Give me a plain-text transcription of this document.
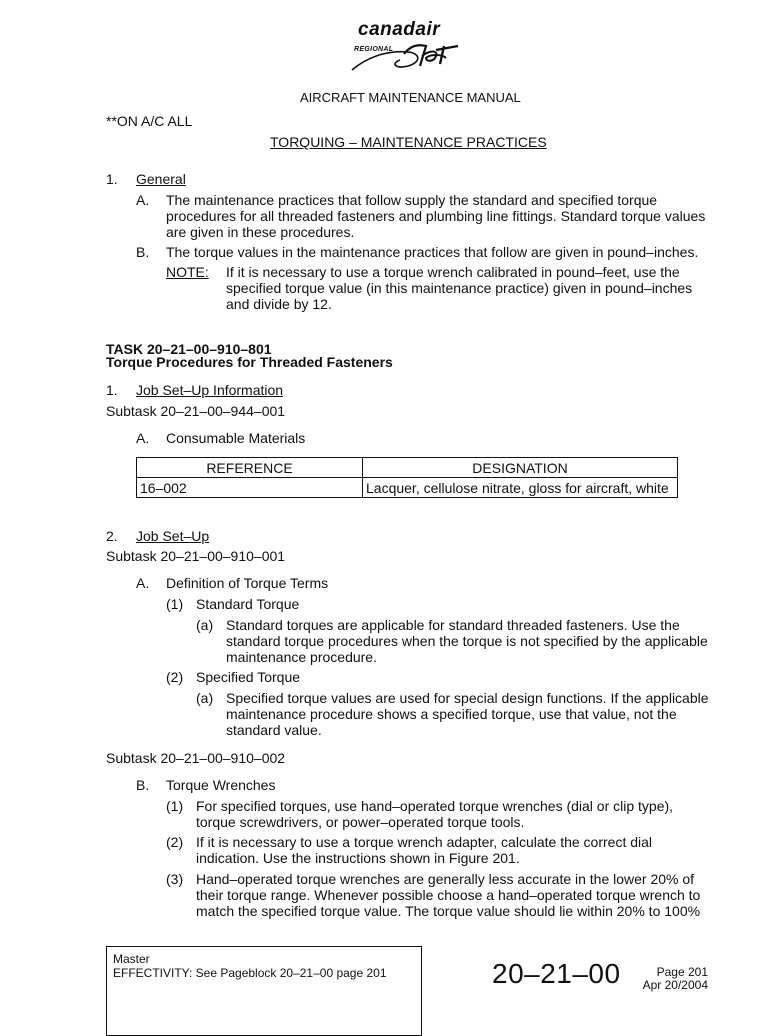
canadair
REGIONAL
AIRCRAFT MAINTENANCE MANUAL
**ON A/C ALL
TORQUING – MAINTENANCE PRACTICES
1. General
A. The maintenance practices that follow supply the standard and specified torque
procedures for all threaded fasteners and plumbing line fittings. Standard torque values
are given in these procedures.
B. The torque values in the maintenance practices that follow are given in pound–inches.
NOTE: If it is necessary to use a torque wrench calibrated in pound–feet, use the
specified torque value (in this maintenance practice) given in pound–inches
and divide by 12.
TASK 20–21–00–910–801
Torque Procedures for Threaded Fasteners
1. Job Set–Up Information
Subtask 20–21–00–944–001
A. Consumable Materials
REFERENCE	DESIGNATION
16–002	Lacquer, cellulose nitrate, gloss for aircraft, white
2. Job Set–Up
Subtask 20–21–00–910–001
A. Definition of Torque Terms
(1) Standard Torque
(a) Standard torques are applicable for standard threaded fasteners. Use the
standard torque procedures when the torque is not specified by the applicable
maintenance procedure.
(2) Specified Torque
(a) Specified torque values are used for special design functions. If the applicable
maintenance procedure shows a specified torque, use that value, not the
standard value.
Subtask 20–21–00–910–002
B. Torque Wrenches
(1) For specified torques, use hand–operated torque wrenches (dial or clip type),
torque screwdrivers, or power–operated torque tools.
(2) If it is necessary to use a torque wrench adapter, calculate the correct dial
indication. Use the instructions shown in Figure 201.
(3) Hand–operated torque wrenches are generally less accurate in the lower 20% of
their torque range. Whenever possible choose a hand–operated torque wrench to
match the specified torque value. The torque value should lie within 20% to 100%
Master
EFFECTIVITY: See Pageblock 20–21–00 page 201	20–21–00	Page 201
Apr 20/2004
